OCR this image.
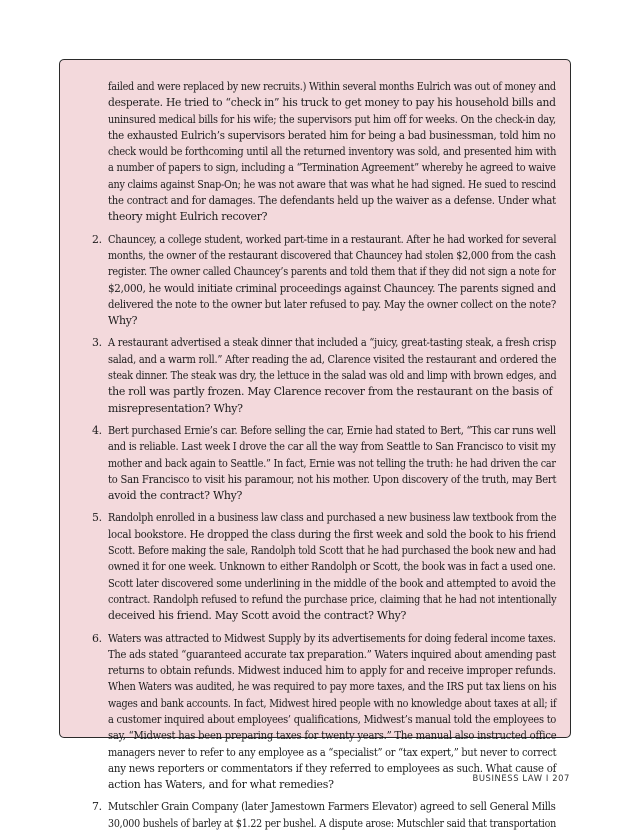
failed and were replaced by new recruits.) Within several months Eulrich was out of money and
desperate. He tried to “check in” his truck to get money to pay his household bills and
uninsured medical bills for his wife; the supervisors put him off for weeks. On the check-in day,
the exhausted Eulrich’s supervisors berated him for being a bad businessman, told him no
check would be forthcoming until all the returned inventory was sold, and presented him with
a number of papers to sign, including a “Termination Agreement” whereby he agreed to waive
any claims against Snap-On; he was not aware that was what he had signed. He sued to rescind
the contract and for damages. The defendants held up the waiver as a defense. Under what
theory might Eulrich recover?
2. Chauncey, a college student, worked part-time in a restaurant. After he had worked for several
months, the owner of the restaurant discovered that Chauncey had stolen $2,000 from the cash
register. The owner called Chauncey’s parents and told them that if they did not sign a note for
$2,000, he would initiate criminal proceedings against Chauncey. The parents signed and
delivered the note to the owner but later refused to pay. May the owner collect on the note?
Why?
3. A restaurant advertised a steak dinner that included a “juicy, great-tasting steak, a fresh crisp
salad, and a warm roll.” After reading the ad, Clarence visited the restaurant and ordered the
steak dinner. The steak was dry, the lettuce in the salad was old and limp with brown edges, and
the roll was partly frozen. May Clarence recover from the restaurant on the basis of
misrepresentation? Why?
4. Bert purchased Ernie’s car. Before selling the car, Ernie had stated to Bert, “This car runs well
and is reliable. Last week I drove the car all the way from Seattle to San Francisco to visit my
mother and back again to Seattle.” In fact, Ernie was not telling the truth: he had driven the car
to San Francisco to visit his paramour, not his mother. Upon discovery of the truth, may Bert
avoid the contract? Why?
5. Randolph enrolled in a business law class and purchased a new business law textbook from the
local bookstore. He dropped the class during the first week and sold the book to his friend
Scott. Before making the sale, Randolph told Scott that he had purchased the book new and had
owned it for one week. Unknown to either Randolph or Scott, the book was in fact a used one.
Scott later discovered some underlining in the middle of the book and attempted to avoid the
contract. Randolph refused to refund the purchase price, claiming that he had not intentionally
deceived his friend. May Scott avoid the contract? Why?
6. Waters was attracted to Midwest Supply by its advertisements for doing federal income taxes.
The ads stated “guaranteed accurate tax preparation.” Waters inquired about amending past
returns to obtain refunds. Midwest induced him to apply for and receive improper refunds.
When Waters was audited, he was required to pay more taxes, and the IRS put tax liens on his
wages and bank accounts. In fact, Midwest hired people with no knowledge about taxes at all; if
a customer inquired about employees’ qualifications, Midwest’s manual told the employees to
say, “Midwest has been preparing taxes for twenty years.” The manual also instructed office
managers never to refer to any employee as a “specialist” or “tax expert,” but never to correct
any news reporters or commentators if they referred to employees as such. What cause of
action has Waters, and for what remedies?
7. Mutschler Grain Company (later Jamestown Farmers Elevator) agreed to sell General Mills
30,000 bushels of barley at $1.22 per bushel. A dispute arose: Mutschler said that transportation
BUSINESS LAW I 207
